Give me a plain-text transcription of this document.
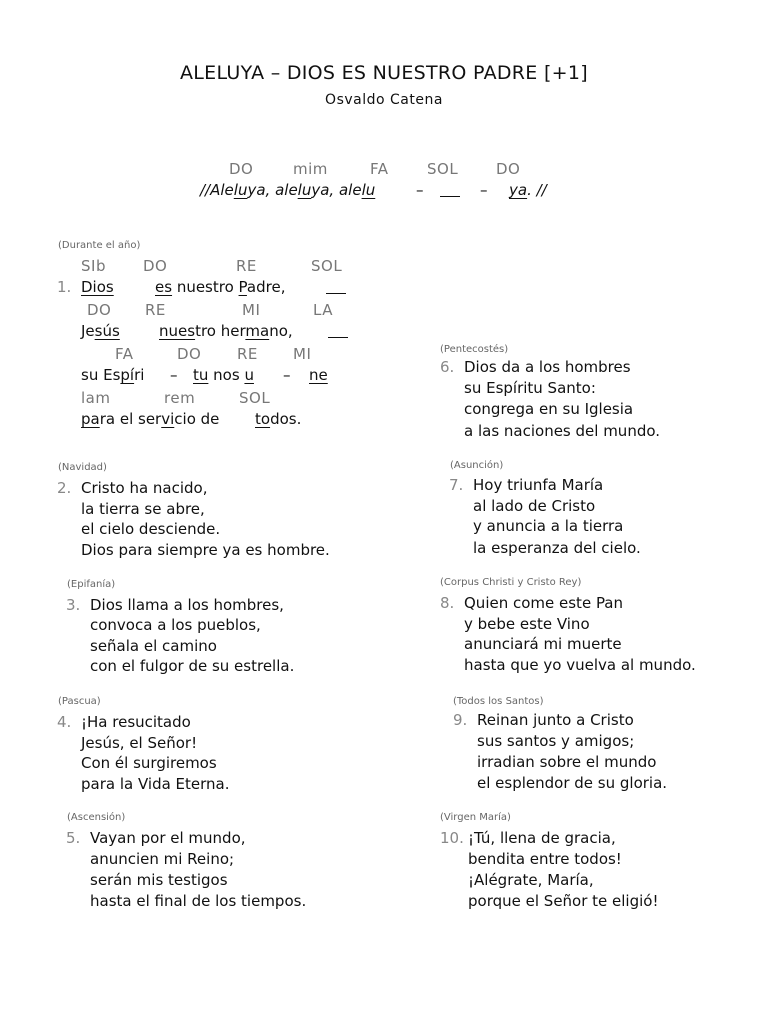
ALELUYA – DIOS ES NUESTRO PADRE [+1]
Osvaldo Catena
DO	mim	FA	SOL	DO
//Aleluya, aleluya, alelu	–	– ya. //
(Durante el año)
SIb DO	RE	SOL
1. Dios	es nuestro Padre,
DO RE	MI	LA
Jesús	nuestro hermano,
FA	DO RE MI
su Espíri – tu nos u – ne
lam	rem	SOL
para el servicio de todos.
(Navidad)
2. Cristo ha nacido,
la tierra se abre,
el cielo desciende.
Dios para siempre ya es hombre.
(Epifanía)
3. Dios llama a los hombres,
convoca a los pueblos,
señala el camino
con el fulgor de su estrella.
(Pascua)
4. ¡Ha resucitado
Jesús, el Señor!
Con él surgiremos
para la Vida Eterna.
(Ascensión)
5. Vayan por el mundo,
anuncien mi Reino;
serán mis testigos
hasta el final de los tiempos.
(Pentecostés)
6. Dios da a los hombres
su Espíritu Santo:
congrega en su Iglesia
a las naciones del mundo.
(Asunción)
7. Hoy triunfa María
al lado de Cristo
y anuncia a la tierra
la esperanza del cielo.
(Corpus Christi y Cristo Rey)
8. Quien come este Pan
y bebe este Vino
anunciará mi muerte
hasta que yo vuelva al mundo.
(Todos los Santos)
9. Reinan junto a Cristo
sus santos y amigos;
irradian sobre el mundo
el esplendor de su gloria.
(Virgen María)
10. ¡Tú, llena de gracia,
bendita entre todos!
¡Alégrate, María,
porque el Señor te eligió!
